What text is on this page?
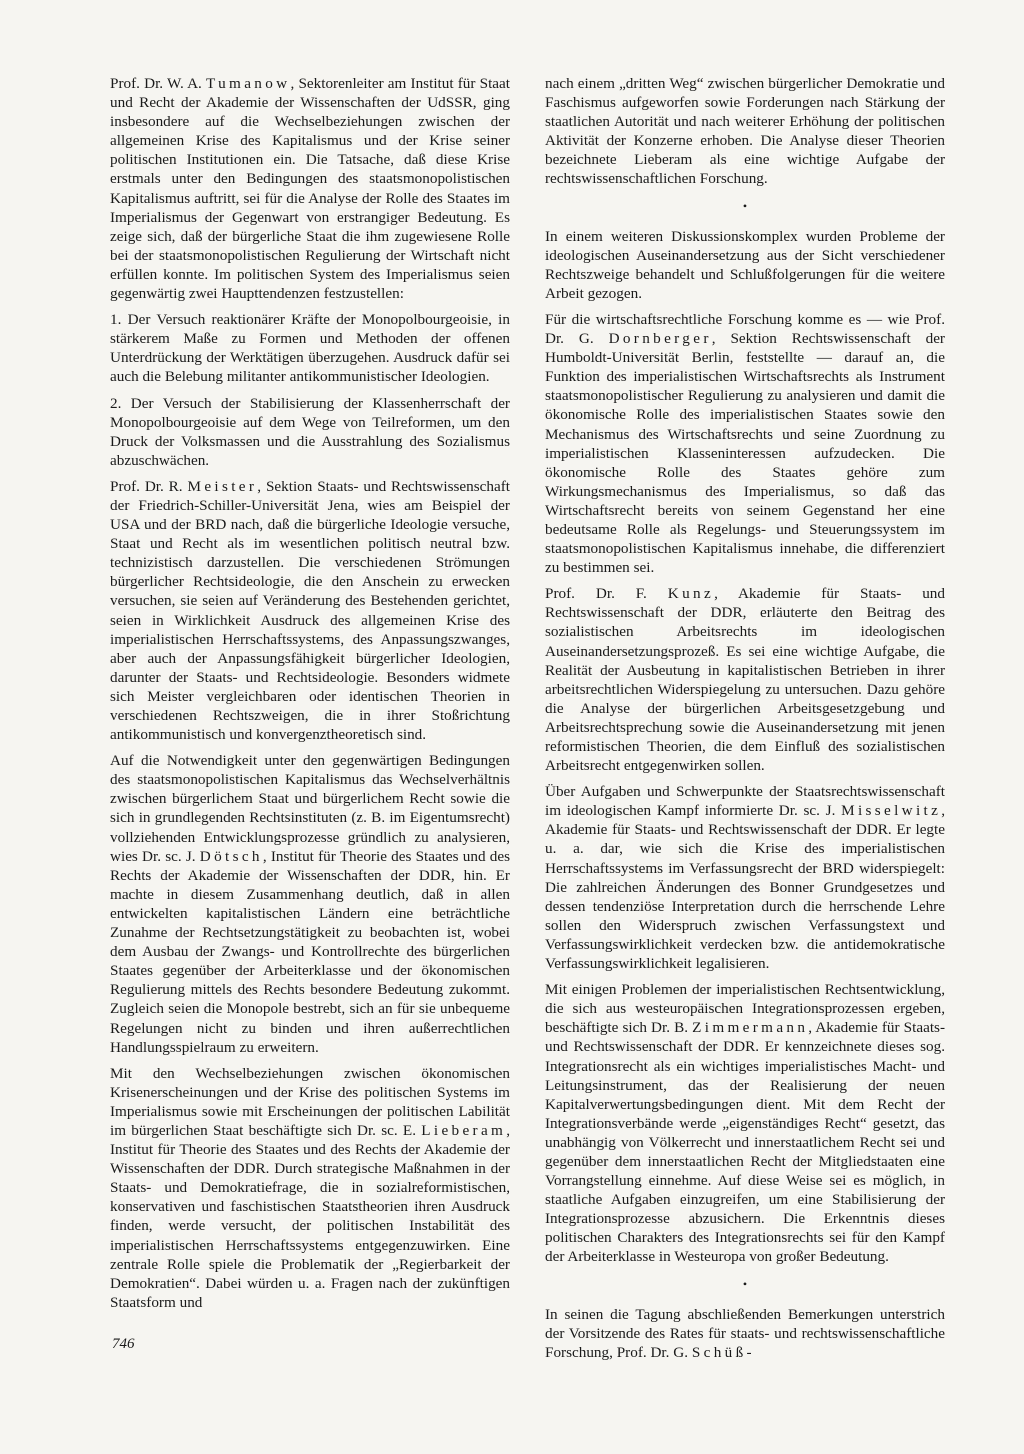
Prof. Dr. W. A. Tumanow, Sektorenleiter am Institut für Staat und Recht der Akademie der Wissenschaften der UdSSR, ging insbesondere auf die Wechselbeziehungen zwischen der allgemeinen Krise des Kapitalismus und der Krise seiner politischen Institutionen ein. Die Tatsache, daß diese Krise erstmals unter den Bedingungen des staatsmonopolistischen Kapitalismus auftritt, sei für die Analyse der Rolle des Staates im Imperialismus der Gegenwart von erstrangiger Bedeutung. Es zeige sich, daß der bürgerliche Staat die ihm zugewiesene Rolle bei der staatsmonopolistischen Regulierung der Wirtschaft nicht erfüllen konnte. Im politischen System des Imperialismus seien gegenwärtig zwei Haupttendenzen festzustellen:

1. Der Versuch reaktionärer Kräfte der Monopolbourgeoisie, in stärkerem Maße zu Formen und Methoden der offenen Unterdrückung der Werktätigen überzugehen. Ausdruck dafür sei auch die Belebung militanter antikommunistischer Ideologien.

2. Der Versuch der Stabilisierung der Klassenherrschaft der Monopolbourgeoisie auf dem Wege von Teilreformen, um den Druck der Volksmassen und die Ausstrahlung des Sozialismus abzuschwächen.

Prof. Dr. R. Meister, Sektion Staats- und Rechtswissenschaft der Friedrich-Schiller-Universität Jena, wies am Beispiel der USA und der BRD nach, daß die bürgerliche Ideologie versuche, Staat und Recht als im wesentlichen politisch neutral bzw. technizistisch darzustellen. Die verschiedenen Strömungen bürgerlicher Rechtsideologie, die den Anschein zu erwecken versuchen, sie seien auf Veränderung des Bestehenden gerichtet, seien in Wirklichkeit Ausdruck des allgemeinen Krise des imperialistischen Herrschaftssystems, des Anpassungszwanges, aber auch der Anpassungsfähigkeit bürgerlicher Ideologien, darunter der Staats- und Rechtsideologie. Besonders widmete sich Meister vergleichbaren oder identischen Theorien in verschiedenen Rechtszweigen, die in ihrer Stoßrichtung antikommunistisch und konvergenztheoretisch sind.

Auf die Notwendigkeit unter den gegenwärtigen Bedingungen des staatsmonopolistischen Kapitalismus das Wechselverhältnis zwischen bürgerlichem Staat und bürgerlichem Recht sowie die sich in grundlegenden Rechtsinstituten (z. B. im Eigentumsrecht) vollziehenden Entwicklungsprozesse gründlich zu analysieren, wies Dr. sc. J. Dötsch, Institut für Theorie des Staates und des Rechts der Akademie der Wissenschaften der DDR, hin. Er machte in diesem Zusammenhang deutlich, daß in allen entwickelten kapitalistischen Ländern eine beträchtliche Zunahme der Rechtsetzungstätigkeit zu beobachten ist, wobei dem Ausbau der Zwangs- und Kontrollrechte des bürgerlichen Staates gegenüber der Arbeiterklasse und der ökonomischen Regulierung mittels des Rechts besondere Bedeutung zukommt. Zugleich seien die Monopole bestrebt, sich an für sie unbequeme Regelungen nicht zu binden und ihren außerrechtlichen Handlungsspielraum zu erweitern.

Mit den Wechselbeziehungen zwischen ökonomischen Krisenerscheinungen und der Krise des politischen Systems im Imperialismus sowie mit Erscheinungen der politischen Labilität im bürgerlichen Staat beschäftigte sich Dr. sc. E. Lieberam, Institut für Theorie des Staates und des Rechts der Akademie der Wissenschaften der DDR. Durch strategische Maßnahmen in der Staats- und Demokratiefrage, die in sozialreformistischen, konservativen und faschistischen Staatstheorien ihren Ausdruck finden, werde versucht, der politischen Instabilität des imperialistischen Herrschaftssystems entgegenzuwirken. Eine zentrale Rolle spiele die Problematik der „Regierbarkeit der Demokratien“. Dabei würden u. a. Fragen nach der zukünftigen Staatsform und

nach einem „dritten Weg“ zwischen bürgerlicher Demokratie und Faschismus aufgeworfen sowie Forderungen nach Stärkung der staatlichen Autorität und nach weiterer Erhöhung der politischen Aktivität der Konzerne erhoben. Die Analyse dieser Theorien bezeichnete Lieberam als eine wichtige Aufgabe der rechtswissenschaftlichen Forschung.

•

In einem weiteren Diskussionskomplex wurden Probleme der ideologischen Auseinandersetzung aus der Sicht verschiedener Rechtszweige behandelt und Schlußfolgerungen für die weitere Arbeit gezogen.

Für die wirtschaftsrechtliche Forschung komme es — wie Prof. Dr. G. Dornberger, Sektion Rechtswissenschaft der Humboldt-Universität Berlin, feststellte — darauf an, die Funktion des imperialistischen Wirtschaftsrechts als Instrument staatsmonopolistischer Regulierung zu analysieren und damit die ökonomische Rolle des imperialistischen Staates sowie den Mechanismus des Wirtschaftsrechts und seine Zuordnung zu imperialistischen Klasseninteressen aufzudecken. Die ökonomische Rolle des Staates gehöre zum Wirkungsmechanismus des Imperialismus, so daß das Wirtschaftsrecht bereits von seinem Gegenstand her eine bedeutsame Rolle als Regelungs- und Steuerungssystem im staatsmonopolistischen Kapitalismus innehabe, die differenziert zu bestimmen sei.

Prof. Dr. F. Kunz, Akademie für Staats- und Rechtswissenschaft der DDR, erläuterte den Beitrag des sozialistischen Arbeitsrechts im ideologischen Auseinandersetzungsprozeß. Es sei eine wichtige Aufgabe, die Realität der Ausbeutung in kapitalistischen Betrieben in ihrer arbeitsrechtlichen Widerspiegelung zu untersuchen. Dazu gehöre die Analyse der bürgerlichen Arbeitsgesetzgebung und Arbeitsrechtsprechung sowie die Auseinandersetzung mit jenen reformistischen Theorien, die dem Einfluß des sozialistischen Arbeitsrecht entgegenwirken sollen.

Über Aufgaben und Schwerpunkte der Staatsrechtswissenschaft im ideologischen Kampf informierte Dr. sc. J. Misselwitz, Akademie für Staats- und Rechtswissenschaft der DDR. Er legte u. a. dar, wie sich die Krise des imperialistischen Herrschaftssystems im Verfassungsrecht der BRD widerspiegelt: Die zahlreichen Änderungen des Bonner Grundgesetzes und dessen tendenziöse Interpretation durch die herrschende Lehre sollen den Widerspruch zwischen Verfassungstext und Verfassungswirklichkeit verdecken bzw. die antidemokratische Verfassungswirklichkeit legalisieren.

Mit einigen Problemen der imperialistischen Rechtsentwicklung, die sich aus westeuropäischen Integrationsprozessen ergeben, beschäftigte sich Dr. B. Zimmermann, Akademie für Staats- und Rechtswissenschaft der DDR. Er kennzeichnete dieses sog. Integrationsrecht als ein wichtiges imperialistisches Macht- und Leitungsinstrument, das der Realisierung der neuen Kapitalverwertungsbedingungen dient. Mit dem Recht der Integrationsverbände werde „eigenständiges Recht“ gesetzt, das unabhängig von Völkerrecht und innerstaatlichem Recht sei und gegenüber dem innerstaatlichen Recht der Mitgliedstaaten eine Vorrangstellung einnehme. Auf diese Weise sei es möglich, in staatliche Aufgaben einzugreifen, um eine Stabilisierung der Integrationsprozesse abzusichern. Die Erkenntnis dieses politischen Charakters des Integrationsrechts sei für den Kampf der Arbeiterklasse in Westeuropa von großer Bedeutung.

•

In seinen die Tagung abschließenden Bemerkungen unterstrich der Vorsitzende des Rates für staats- und rechtswissenschaftliche Forschung, Prof. Dr. G. Schüß-

746
